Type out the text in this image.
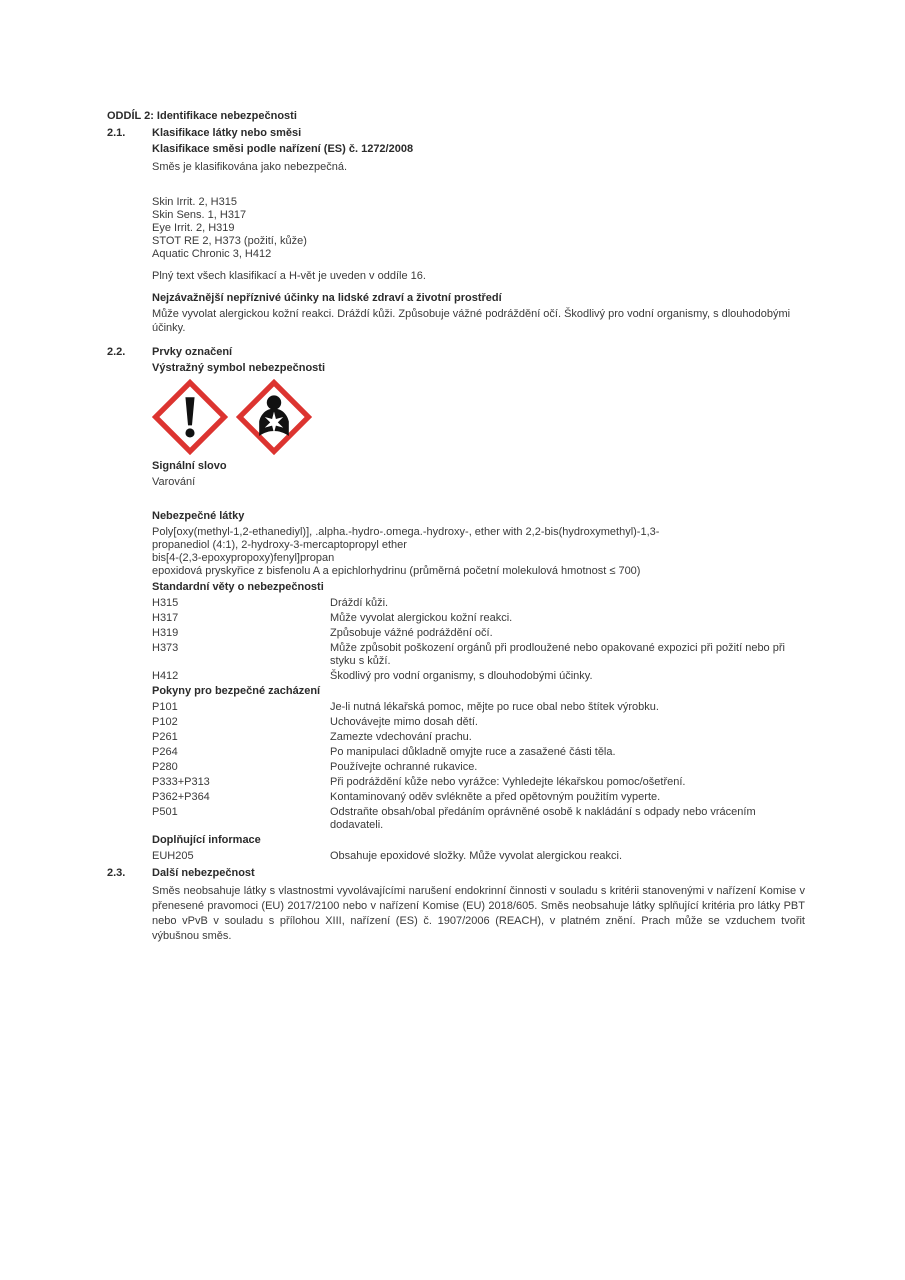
ODDÍL 2: Identifikace nebezpečnosti
2.1.	Klasifikace látky nebo směsi
Klasifikace směsi podle nařízení (ES) č. 1272/2008

Směs je klasifikována jako nebezpečná.

Skin Irrit. 2, H315
Skin Sens. 1, H317
Eye Irrit. 2, H319
STOT RE 2, H373 (požití, kůže)
Aquatic Chronic 3, H412

Plný text všech klasifikací a H-vět je uveden v oddíle 16.

Nejzávažnější nepříznivé účinky na lidské zdraví a životní prostředí

Může vyvolat alergickou kožní reakci. Dráždí kůži. Způsobuje vážné podráždění očí. Škodlivý pro vodní organismy, s dlouhodobými účinky.

2.2.	Prvky označení
Výstražný symbol nebezpečnosti
Signální slovo

Varování

Nebezpečné látky
Poly[oxy(methyl-1,2-ethanediyl)], .alpha.-hydro-.omega.-hydroxy-, ether with 2,2-bis(hydroxymethyl)-1,3-
propanediol (4:1), 2-hydroxy-3-mercaptopropyl ether
bis[4-(2,3-epoxypropoxy)fenyl]propan
epoxidová pryskyřice z bisfenolu A a epichlorhydrinu (průměrná početní molekulová hmotnost ≤ 700)
Standardní věty o nebezpečnosti
H315	Dráždí kůži.
H317	Může vyvolat alergickou kožní reakci.
H319	Způsobuje vážné podráždění očí.
H373	Může způsobit poškození orgánů při prodloužené nebo opakované expozici při požití nebo při styku s kůží.
H412	Škodlivý pro vodní organismy, s dlouhodobými účinky.
Pokyny pro bezpečné zacházení
P101	Je-li nutná lékařská pomoc, mějte po ruce obal nebo štítek výrobku.
P102	Uchovávejte mimo dosah dětí.
P261	Zamezte vdechování prachu.
P264	Po manipulaci důkladně omyjte ruce a zasažené části těla.
P280	Používejte ochranné rukavice.
P333+P313	Při podráždění kůže nebo vyrážce: Vyhledejte lékařskou pomoc/ošetření.
P362+P364	Kontaminovaný oděv svlékněte a před opětovným použitím vyperte.
P501	Odstraňte obsah/obal předáním oprávněné osobě k nakládání s odpady nebo vrácením dodavateli.
Doplňující informace
EUH205	Obsahuje epoxidové složky. Může vyvolat alergickou reakci.
2.3.	Další nebezpečnost

Směs neobsahuje látky s vlastnostmi vyvolávajícími narušení endokrinní činnosti v souladu s kritérii stanovenými v nařízení Komise v přenesené pravomoci (EU) 2017/2100 nebo v nařízení Komise (EU) 2018/605. Směs neobsahuje látky splňující kritéria pro látky PBT nebo vPvB v souladu s přílohou XIII, nařízení (ES) č. 1907/2006 (REACH), v platném znění. Prach může se vzduchem tvořit výbušnou směs.
